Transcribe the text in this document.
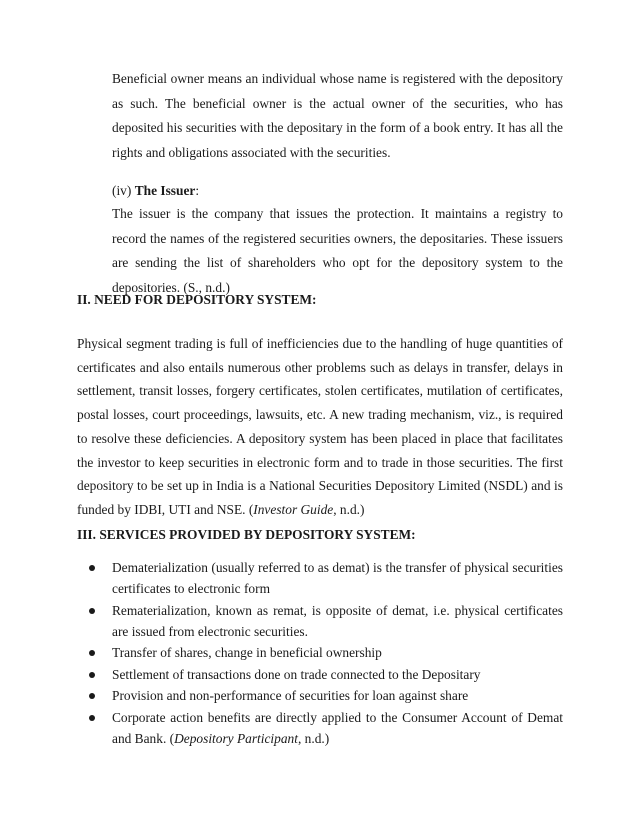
Beneficial owner means an individual whose name is registered with the depository as such. The beneficial owner is the actual owner of the securities, who has deposited his securities with the depositary in the form of a book entry. It has all the rights and obligations associated with the securities.

(iv) The Issuer:

The issuer is the company that issues the protection. It maintains a registry to record the names of the registered securities owners, the depositaries. These issuers are sending the list of shareholders who opt for the depository system to the depositories. (S., n.d.)

II. NEED FOR DEPOSITORY SYSTEM:

Physical segment trading is full of inefficiencies due to the handling of huge quantities of certificates and also entails numerous other problems such as delays in transfer, delays in settlement, transit losses, forgery certificates, stolen certificates, mutilation of certificates, postal losses, court proceedings, lawsuits, etc. A new trading mechanism, viz., is required to resolve these deficiencies. A depository system has been placed in place that facilitates the investor to keep securities in electronic form and to trade in those securities. The first depository to be set up in India is a National Securities Depository Limited (NSDL) and is funded by IDBI, UTI and NSE. (Investor Guide, n.d.)

III. SERVICES PROVIDED BY DEPOSITORY SYSTEM:

Dematerialization (usually referred to as demat) is the transfer of physical securities certificates to electronic form
Rematerialization, known as remat, is opposite of demat, i.e. physical certificates are issued from electronic securities.
Transfer of shares, change in beneficial ownership
Settlement of transactions done on trade connected to the Depositary
Provision and non-performance of securities for loan against share
Corporate action benefits are directly applied to the Consumer Account of Demat and Bank. (Depository Participant, n.d.)
